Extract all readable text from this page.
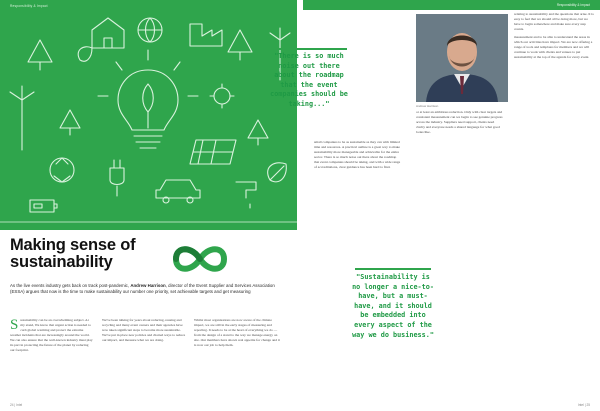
Responsibility & Impact
Making sense of sustainability

As the live events industry gets back on track post-pandemic, Andrew Harrison, director of the Event Supplier and Services Association (ESSA) argues that now is the time to make sustainability our number one priority, set achievable targets and get measuring

Sustainability can be an overwhelming subject. At my stand, We know that urgent action is needed to curb global warming and protect the extreme weather incidents that are increasingly around the world. We can also ensure that the well-known industry must play its part in protecting the future of the planet by reducing our footprint.
We've been talking for years about reducing, reusing and recycling and many event owners and their agencies have now taken significant steps to become more sustainable. We've put in place new policies and charted ways to reduce our impact, and measure what we are doing.
Whilst most organisations are now aware of the climate impact, we are still in the early stages of measuring and reporting. It needs to be at the heart of everything we do — from the design of a stand to the way we manage energy on site. Our members have shown real appetite for change and it is now our job to help them.
24 | Intel
Responsibility & Impact
Andrew Harrison
or at least an ambitious reduction. Only with clear targets and consistent measurement can we begin to see genuine progress across the industry. Suppliers need support, clients need clarity and everyone needs a shared language for what good looks like.

"There is so much noise out there about the roadmap that the event companies should be taking..."

small companies to be as sustainable as they can with limited time and resources. A practical outline is a great way to make sustainability more manageable and achievable for the entire sector. There is so much noise out there about the roadmap that event companies should be taking, and with a wide range of accreditations, clear guidance has been hard to find.
relating to sustainability and the questions that arise. It is easy to feel that we should all be doing more, but we have to begin somewhere and make sure every step counts.

measurement and to be able to understand the areas in which our activities have impact. We are now offering a range of tools and templates for members and we will continue to work with clients and venues to put sustainability at the top of the agenda for every event.

"Sustainability is no longer a nice-to-have, but a must-have, and it should be embedded into every aspect of the way we do business."

Intel | 25
